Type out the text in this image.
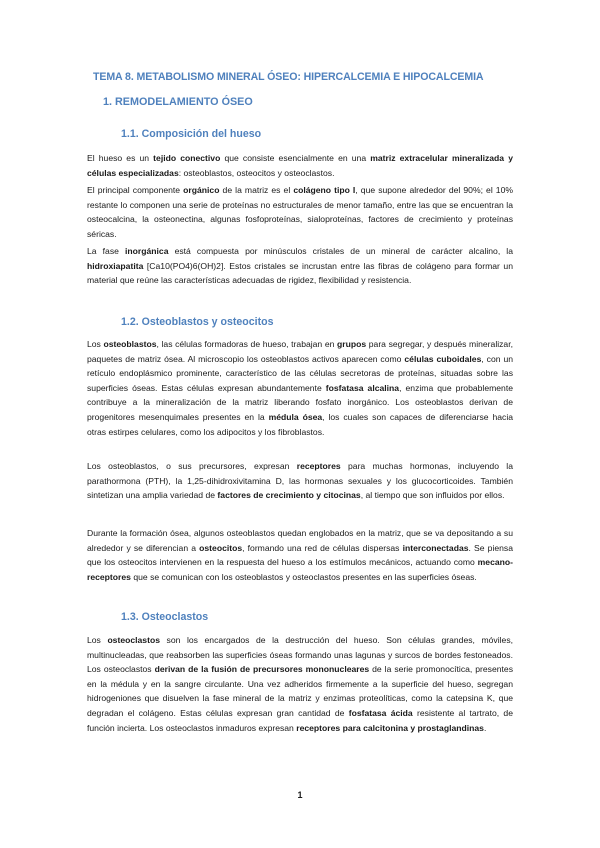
TEMA 8. METABOLISMO MINERAL ÓSEO: HIPERCALCEMIA E HIPOCALCEMIA
1. REMODELAMIENTO ÓSEO
1.1. Composición del hueso

El hueso es un tejido conectivo que consiste esencialmente en una matriz extracelular mineralizada y células especializadas: osteoblastos, osteocitos y osteoclastos.

El principal componente orgánico de la matriz es el colágeno tipo I, que supone alrededor del 90%; el 10% restante lo componen una serie de proteínas no estructurales de menor tamaño, entre las que se encuentran la osteocalcina, la osteonectina, algunas fosfoproteínas, sialoproteínas, factores de crecimiento y proteínas séricas.

La fase inorgánica está compuesta por minúsculos cristales de un mineral de carácter alcalino, la hidroxiapatita [Ca10(PO4)6(OH)2]. Estos cristales se incrustan entre las fibras de colágeno para formar un material que reúne las características adecuadas de rigidez, flexibilidad y resistencia.

1.2. Osteoblastos y osteocitos

Los osteoblastos, las células formadoras de hueso, trabajan en grupos para segregar, y después mineralizar, paquetes de matriz ósea. Al microscopio los osteoblastos activos aparecen como células cuboidales, con un retículo endoplásmico prominente, característico de las células secretoras de proteínas, situadas sobre las superficies óseas. Estas células expresan abundantemente fosfatasa alcalina, enzima que probablemente contribuye a la mineralización de la matriz liberando fosfato inorgánico. Los osteoblastos derivan de progenitores mesenquimales presentes en la médula ósea, los cuales son capaces de diferenciarse hacia otras estirpes celulares, como los adipocitos y los fibroblastos.

Los osteoblastos, o sus precursores, expresan receptores para muchas hormonas, incluyendo la parathormona (PTH), la 1,25-dihidroxivitamina D, las hormonas sexuales y los glucocorticoides. También sintetizan una amplia variedad de factores de crecimiento y citocinas, al tiempo que son influidos por ellos.

Durante la formación ósea, algunos osteoblastos quedan englobados en la matriz, que se va depositando a su alrededor y se diferencian a osteocitos, formando una red de células dispersas interconectadas. Se piensa que los osteocitos intervienen en la respuesta del hueso a los estímulos mecánicos, actuando como mecano-receptores que se comunican con los osteoblastos y osteoclastos presentes en las superficies óseas.

1.3. Osteoclastos

Los osteoclastos son los encargados de la destrucción del hueso. Son células grandes, móviles, multinucleadas, que reabsorben las superficies óseas formando unas lagunas y surcos de bordes festoneados. Los osteoclastos derivan de la fusión de precursores mononucleares de la serie promonocítica, presentes en la médula y en la sangre circulante. Una vez adheridos firmemente a la superficie del hueso, segregan hidrogeniones que disuelven la fase mineral de la matriz y enzimas proteolíticas, como la catepsina K, que degradan el colágeno. Estas células expresan gran cantidad de fosfatasa ácida resistente al tartrato, de función incierta. Los osteoclastos inmaduros expresan receptores para calcitonina y prostaglandinas.

1
